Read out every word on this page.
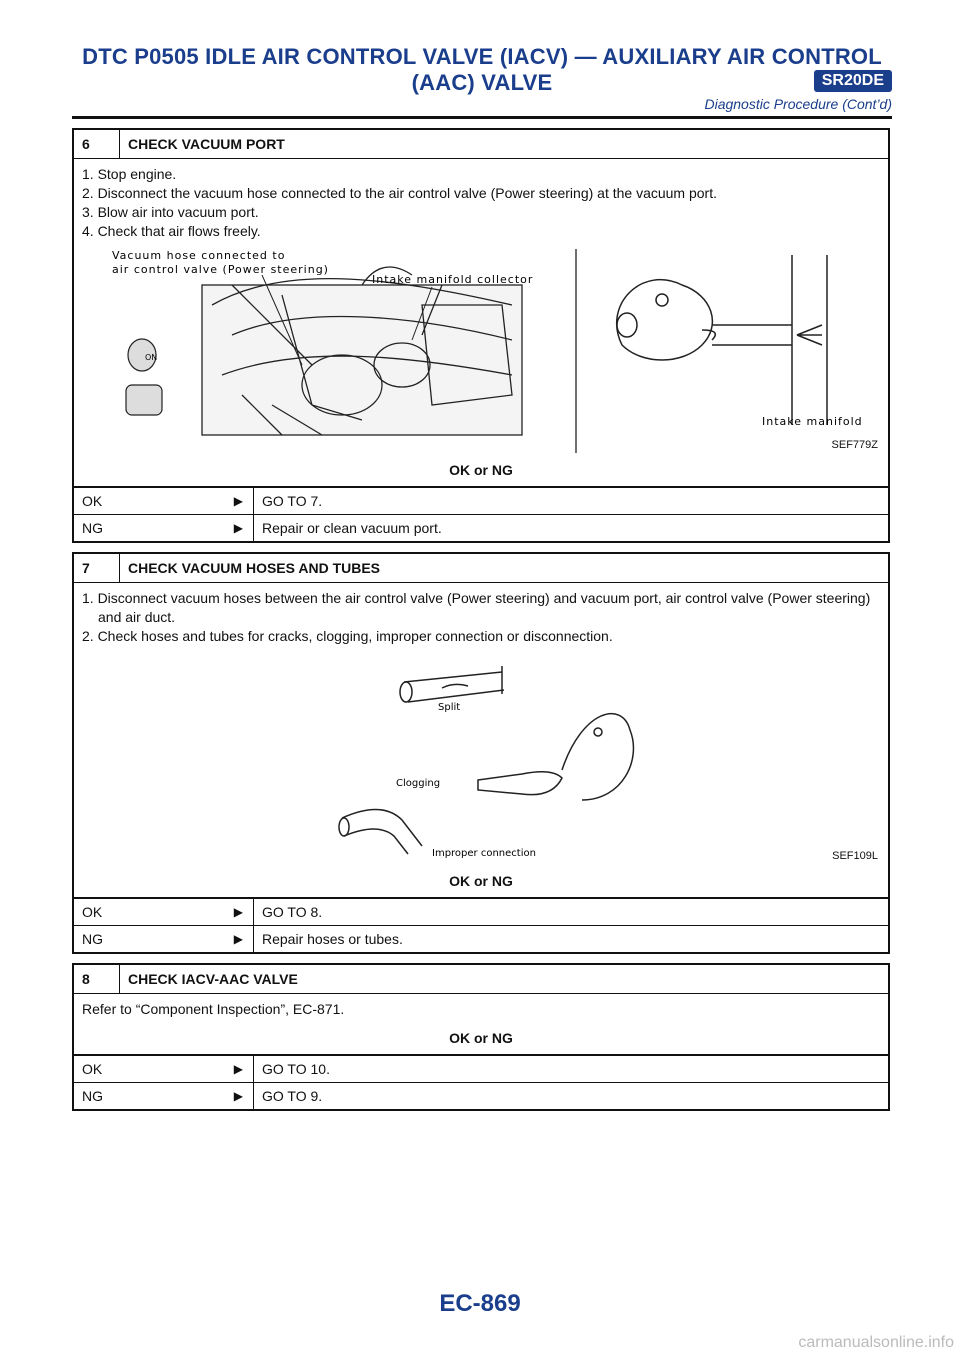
DTC P0505 IDLE AIR CONTROL VALVE (IACV) — AUXILIARY AIR CONTROL
(AAC) VALVE	SR20DE
Diagnostic Procedure (Cont’d)
6	CHECK VACUUM PORT
1. Stop engine.
2. Disconnect the vacuum hose connected to the air control valve (Power steering) at the vacuum port.
3. Blow air into vacuum port.
4. Check that air flows freely.
ON
Vacuum hose connected to
air control valve (Power steering)
Intake manifold collector
Intake manifold
SEF779Z
OK or NG
OK	▶	GO TO 7.
NG	▶	Repair or clean vacuum port.
7	CHECK VACUUM HOSES AND TUBES
1. Disconnect vacuum hoses between the air control valve (Power steering) and vacuum port, air control valve (Power steering) and air duct.
2. Check hoses and tubes for cracks, clogging, improper connection or disconnection.
Split
Clogging
Improper connection	SEF109L
OK or NG
OK	▶	GO TO 8.
NG	▶	Repair hoses or tubes.
8	CHECK IACV-AAC VALVE
Refer to “Component Inspection”, EC-871.
OK or NG
OK	▶	GO TO 10.
NG	▶	GO TO 9.
EC-869
carmanualsonline.info
